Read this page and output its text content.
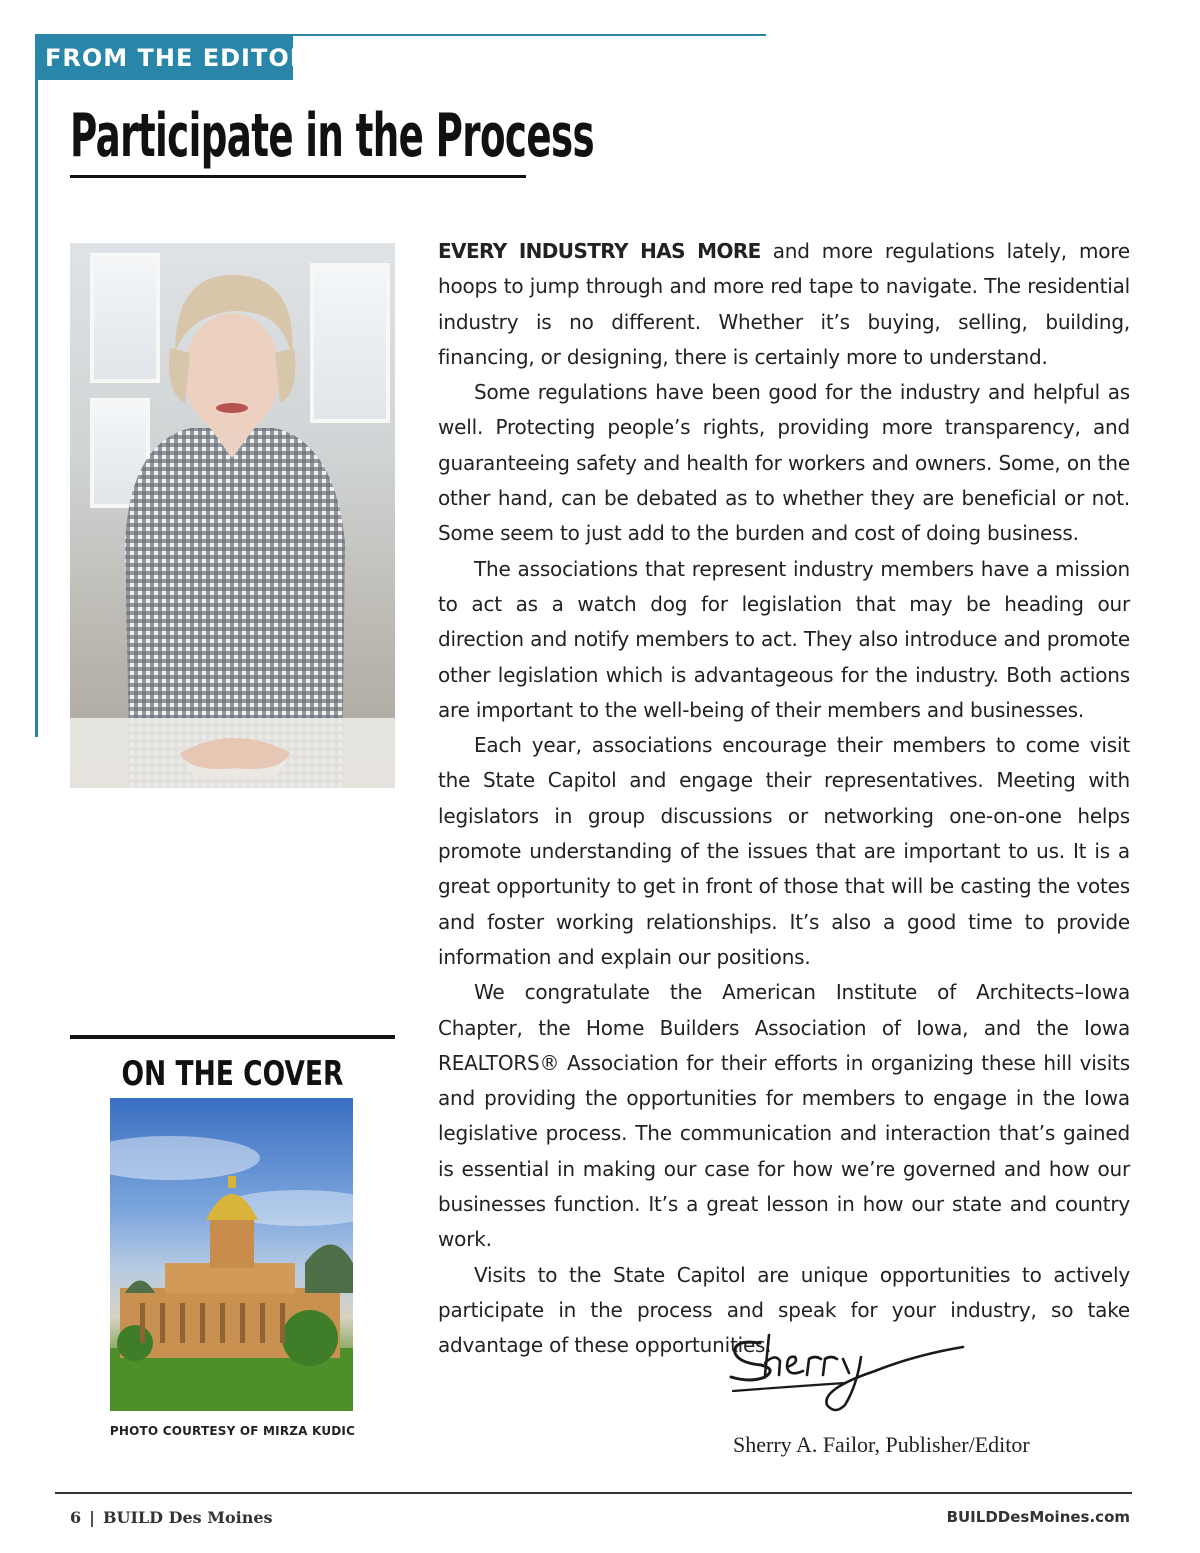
FROM THE EDITOR
Participate in the Process

EVERY INDUSTRY HAS MORE and more regulations lately, more hoops to jump through and more red tape to navigate. The residential industry is no different. Whether it’s buying, selling, building, financing, or designing, there is certainly more to understand.

Some regulations have been good for the industry and helpful as well. Protecting people’s rights, providing more transparency, and guaranteeing safety and health for workers and owners. Some, on the other hand, can be debated as to whether they are beneficial or not. Some seem to just add to the burden and cost of doing business.

The associations that represent industry members have a mission to act as a watch dog for legislation that may be heading our direction and notify members to act. They also introduce and promote other legislation which is advantageous for the industry. Both actions are important to the well-being of their members and businesses.

Each year, associations encourage their members to come visit the State Capitol and engage their representatives. Meeting with legislators in group discussions or networking one-on-one helps promote understanding of the issues that are important to us. It is a great opportunity to get in front of those that will be casting the votes and foster working relationships. It’s also a good time to provide information and explain our positions.

We congratulate the American Institute of Architects–Iowa Chapter, the Home Builders Association of Iowa, and the Iowa REALTORS® Association for their efforts in organizing these hill visits and providing the opportunities for members to engage in the Iowa legislative process. The communication and interaction that’s gained is essential in making our case for how we’re governed and how our businesses function. It’s a great lesson in how our state and country work.

Visits to the State Capitol are unique opportunities to actively participate in the process and speak for your industry, so take advantage of these opportunities.

ON THE COVER
PHOTO COURTESY OF MIRZA KUDIC
Sherry A. Failor, Publisher/Editor
6 | BUILD Des Moines	BUILDDesMoines.com
